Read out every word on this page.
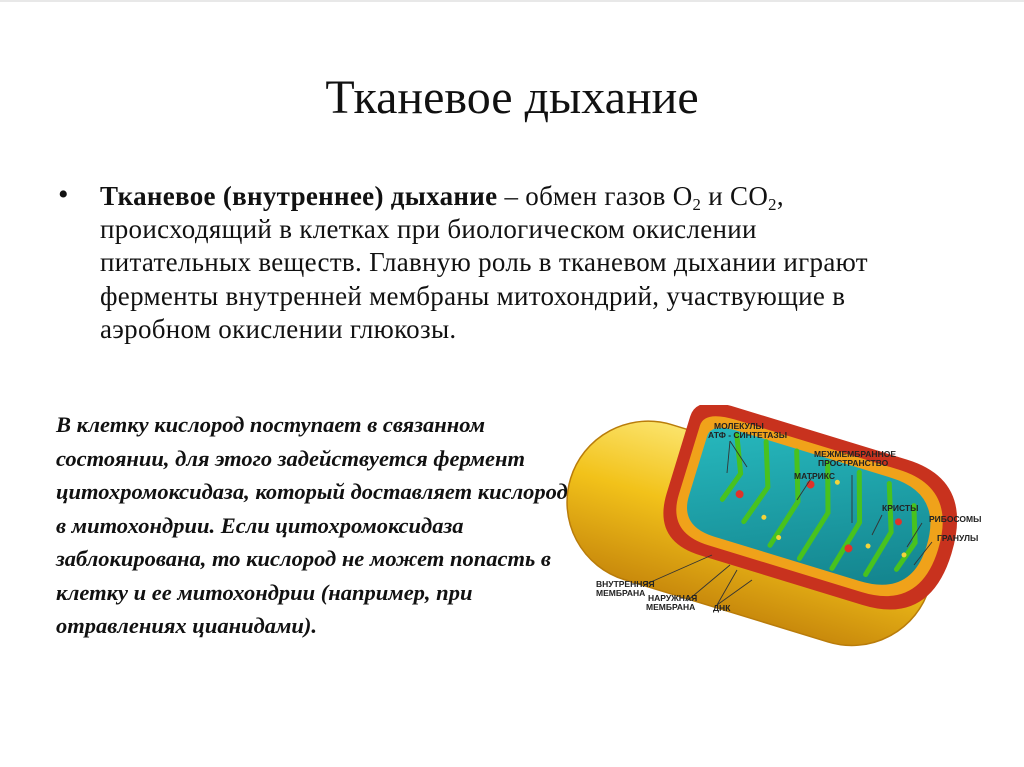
Тканевое дыхание
• Тканевое (внутреннее) дыхание – обмен газов $О_2$ и $СО_2$, происходящий в клетках при биологическом окислении питательных веществ. Главную роль в тканевом дыхании играют ферменты внутренней мембраны митохондрий, участвующие в аэробном окислении глюкозы.
В клетку кислород поступает в связанном состоянии, для этого задействуется фермент цитохромоксидаза, который доставляет кислород в митохондрии. Если цитохромоксидаза заблокирована, то кислород не может попасть в клетку и ее митохондрии (например, при отравлениях цианидами).
МОЛЕКУЛЫ
АТФ - СИНТЕТАЗЫ
МЕЖМЕМБРАННОЕ
ПРОСТРАНСТВО
МАТРИКС
КРИСТЫ
РИБОСОМЫ
ГРАНУЛЫ
ВНУТРЕННЯЯ
МЕМБРАНА НАРУЖНАЯ
МЕМБРАНА ДНК
